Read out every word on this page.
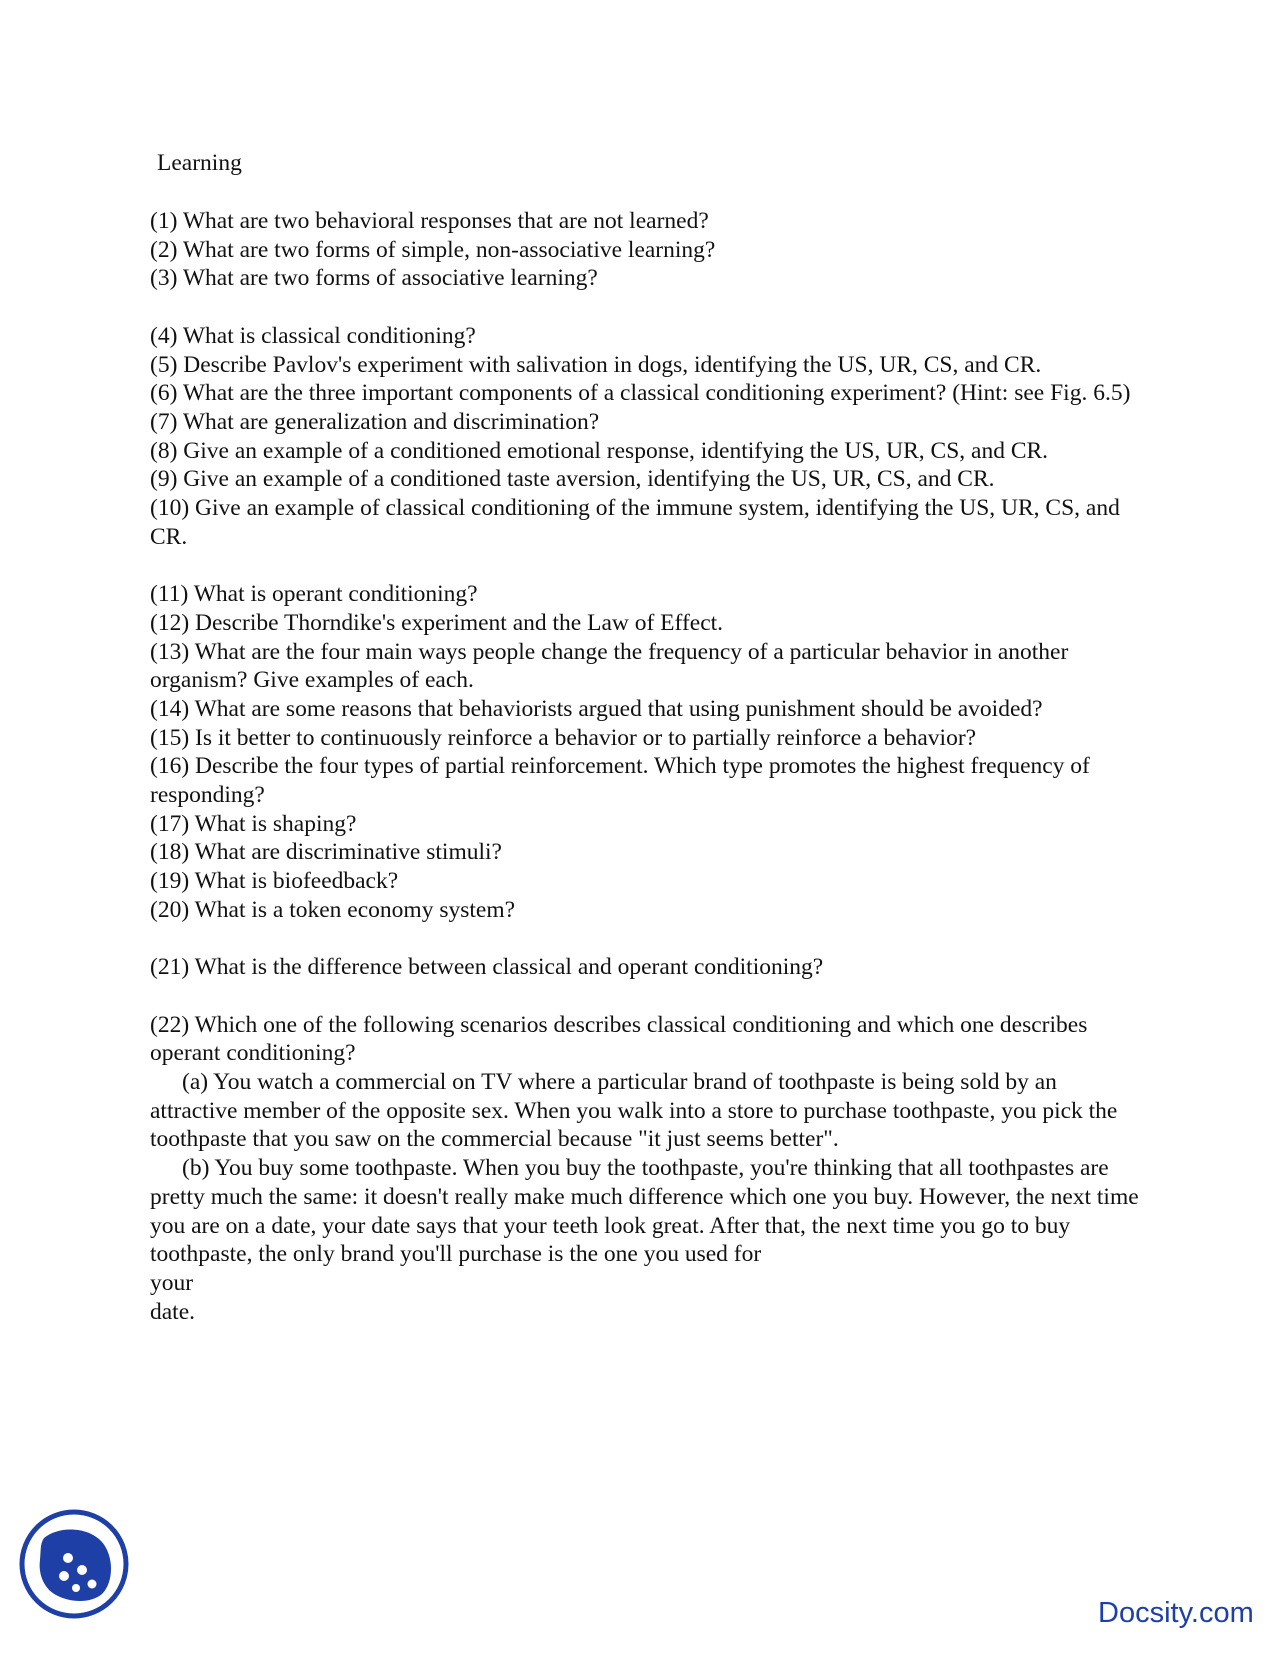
Learning

(1) What are two behavioral responses that are not learned?

(2) What are two forms of simple, non-associative learning?

(3) What are two forms of associative learning?

(4) What is classical conditioning?

(5) Describe Pavlov's experiment with salivation in dogs, identifying the US, UR, CS, and CR.

(6) What are the three important components of a classical conditioning experiment? (Hint: see Fig. 6.5)

(7) What are generalization and discrimination?

(8) Give an example of a conditioned emotional response, identifying the US, UR, CS, and CR.

(9) Give an example of a conditioned taste aversion, identifying the US, UR, CS, and CR.

(10) Give an example of classical conditioning of the immune system, identifying the US, UR, CS, and CR.

(11) What is operant conditioning?

(12) Describe Thorndike's experiment and the Law of Effect.

(13) What are the four main ways people change the frequency of a particular behavior in another organism? Give examples of each.

(14) What are some reasons that behaviorists argued that using punishment should be avoided?

(15) Is it better to continuously reinforce a behavior or to partially reinforce a behavior?

(16) Describe the four types of partial reinforcement. Which type promotes the highest frequency of responding?

(17) What is shaping?

(18) What are discriminative stimuli?

(19) What is biofeedback?

(20) What is a token economy system?

(21) What is the difference between classical and operant conditioning?

(22) Which one of the following scenarios describes classical conditioning and which one describes operant conditioning?

(a) You watch a commercial on TV where a particular brand of toothpaste is being sold by an attractive member of the opposite sex. When you walk into a store to purchase toothpaste, you pick the toothpaste that you saw on the commercial because "it just seems better".

(b) You buy some toothpaste. When you buy the toothpaste, you're thinking that all toothpastes are pretty much the same: it doesn't really make much difference which one you buy. However, the next time you are on a date, your date says that your teeth look great. After that, the next time you go to buy toothpaste, the only brand you'll purchase is the one you used for

your

date.

Docsity.com
